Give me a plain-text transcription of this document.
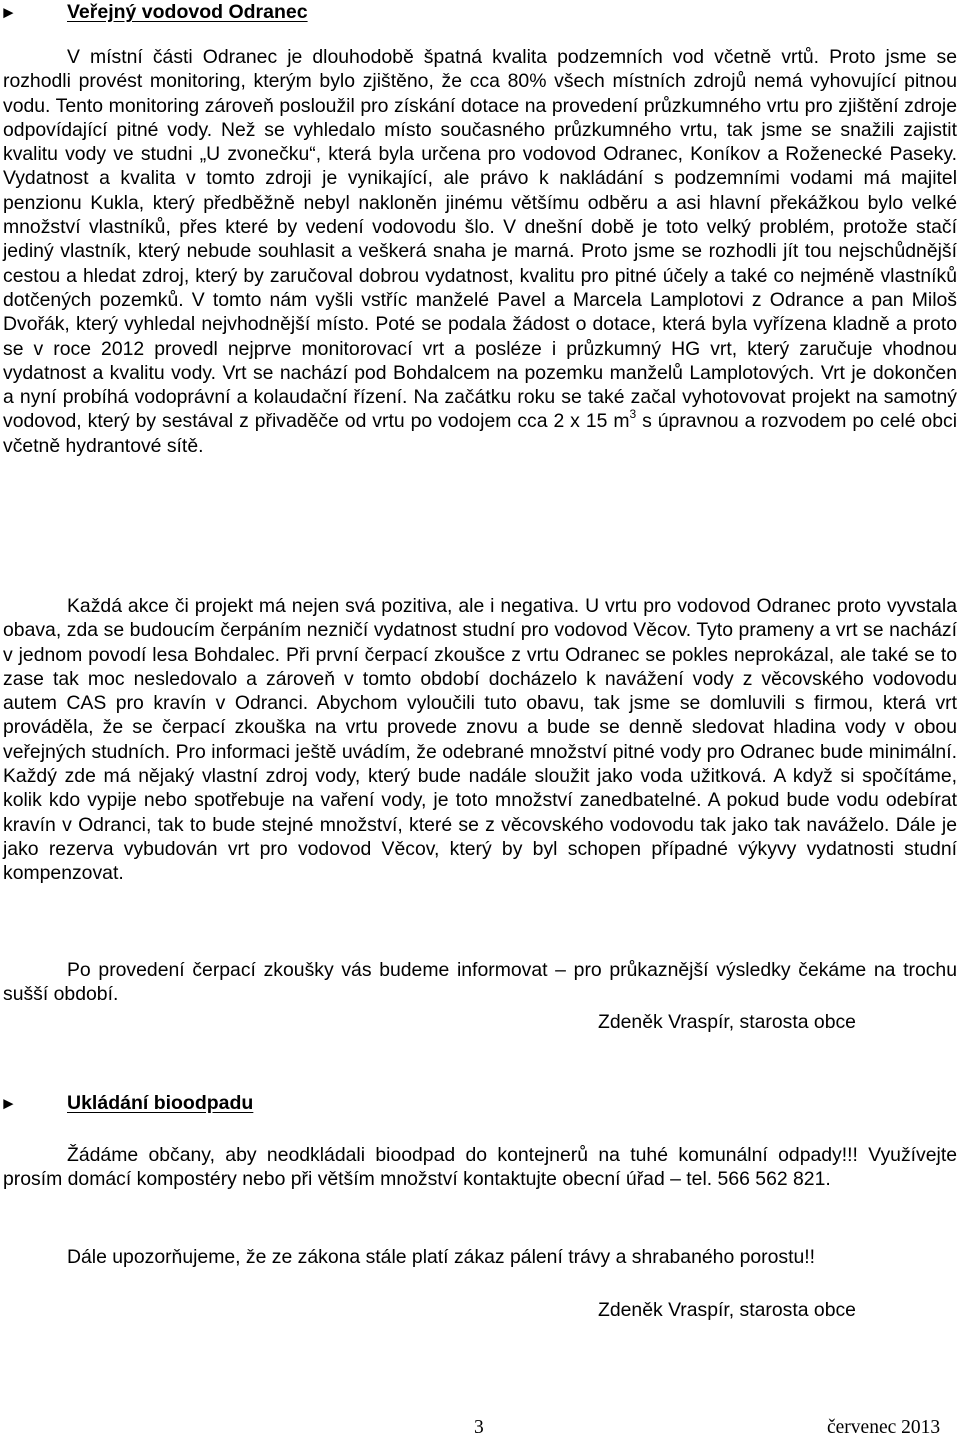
►	Veřejný vodovod Odranec

V místní části Odranec je dlouhodobě špatná kvalita podzemních vod včetně vrtů. Proto jsme se rozhodli provést monitoring, kterým bylo zjištěno, že cca 80% všech místních zdrojů nemá vyhovující pitnou vodu. Tento monitoring zároveň posloužil pro získání dotace na provedení průzkumného vrtu pro zjištění zdroje odpovídající pitné vody. Než se vyhledalo místo současného průzkumného vrtu, tak jsme se snažili zajistit kvalitu vody ve studni „U zvonečku“, která byla určena pro vodovod Odranec, Koníkov a Roženecké Paseky. Vydatnost a kvalita v tomto zdroji je vynikající, ale právo k nakládání s podzemními vodami má majitel penzionu Kukla, který předběžně nebyl nakloněn jinému většímu odběru a asi hlavní překážkou bylo velké množství vlastníků, přes které by vedení vodovodu šlo. V dnešní době je toto velký problém, protože stačí jediný vlastník, který nebude souhlasit a veškerá snaha je marná. Proto jsme se rozhodli jít tou nejschůdnější cestou a hledat zdroj, který by zaručoval dobrou vydatnost, kvalitu pro pitné účely a také co nejméně vlastníků dotčených pozemků. V tomto nám vyšli vstříc manželé Pavel a Marcela Lamplotovi z Odrance a pan Miloš Dvořák, který vyhledal nejvhodnější místo. Poté se podala žádost o dotace, která byla vyřízena kladně a proto se v roce 2012 provedl nejprve monitorovací vrt a posléze i průzkumný HG vrt, který zaručuje vhodnou vydatnost a kvalitu vody. Vrt se nachází pod Bohdalcem na pozemku manželů Lamplotových. Vrt je dokončen a nyní probíhá vodoprávní a kolaudační řízení. Na začátku roku se také začal vyhotovovat projekt na samotný vodovod, který by sestával z přivaděče od vrtu po vodojem cca 2 x 15 $m^3$ s úpravnou a rozvodem po celé obci včetně hydrantové sítě.

Každá akce či projekt má nejen svá pozitiva, ale i negativa. U vrtu pro vodovod Odranec proto vyvstala obava, zda se budoucím čerpáním nezničí vydatnost studní pro vodovod Věcov. Tyto prameny a vrt se nachází v jednom povodí lesa Bohdalec. Při první čerpací zkoušce z vrtu Odranec se pokles neprokázal, ale také se to zase tak moc nesledovalo a zároveň v tomto období docházelo k navážení vody z věcovského vodovodu autem CAS pro kravín v Odranci. Abychom vyloučili tuto obavu, tak jsme se domluvili s firmou, která vrt prováděla, že se čerpací zkouška na vrtu provede znovu a bude se denně sledovat hladina vody v obou veřejných studních. Pro informaci ještě uvádím, že odebrané množství pitné vody pro Odranec bude minimální. Každý zde má nějaký vlastní zdroj vody, který bude nadále sloužit jako voda užitková. A když si spočítáme, kolik kdo vypije nebo spotřebuje na vaření vody, je toto množství zanedbatelné. A pokud bude vodu odebírat kravín v Odranci, tak to bude stejné množství, které se z věcovského vodovodu tak jako tak naváželo. Dále je jako rezerva vybudován vrt pro vodovod Věcov, který by byl schopen případné výkyvy vydatnosti studní kompenzovat.

Po provedení čerpací zkoušky vás budeme informovat – pro průkaznější výsledky čekáme na trochu sušší období.

Zdeněk Vraspír, starosta obce
►	Ukládání bioodpadu

Žádáme občany, aby neodkládali bioodpad do kontejnerů na tuhé komunální odpady!!! Využívejte prosím domácí kompostéry nebo při větším množství kontaktujte obecní úřad – tel. 566 562 821.

Dále upozorňujeme, že ze zákona stále platí zákaz pálení trávy a shrabaného porostu!!

Zdeněk Vraspír, starosta obce
3	červenec 2013
